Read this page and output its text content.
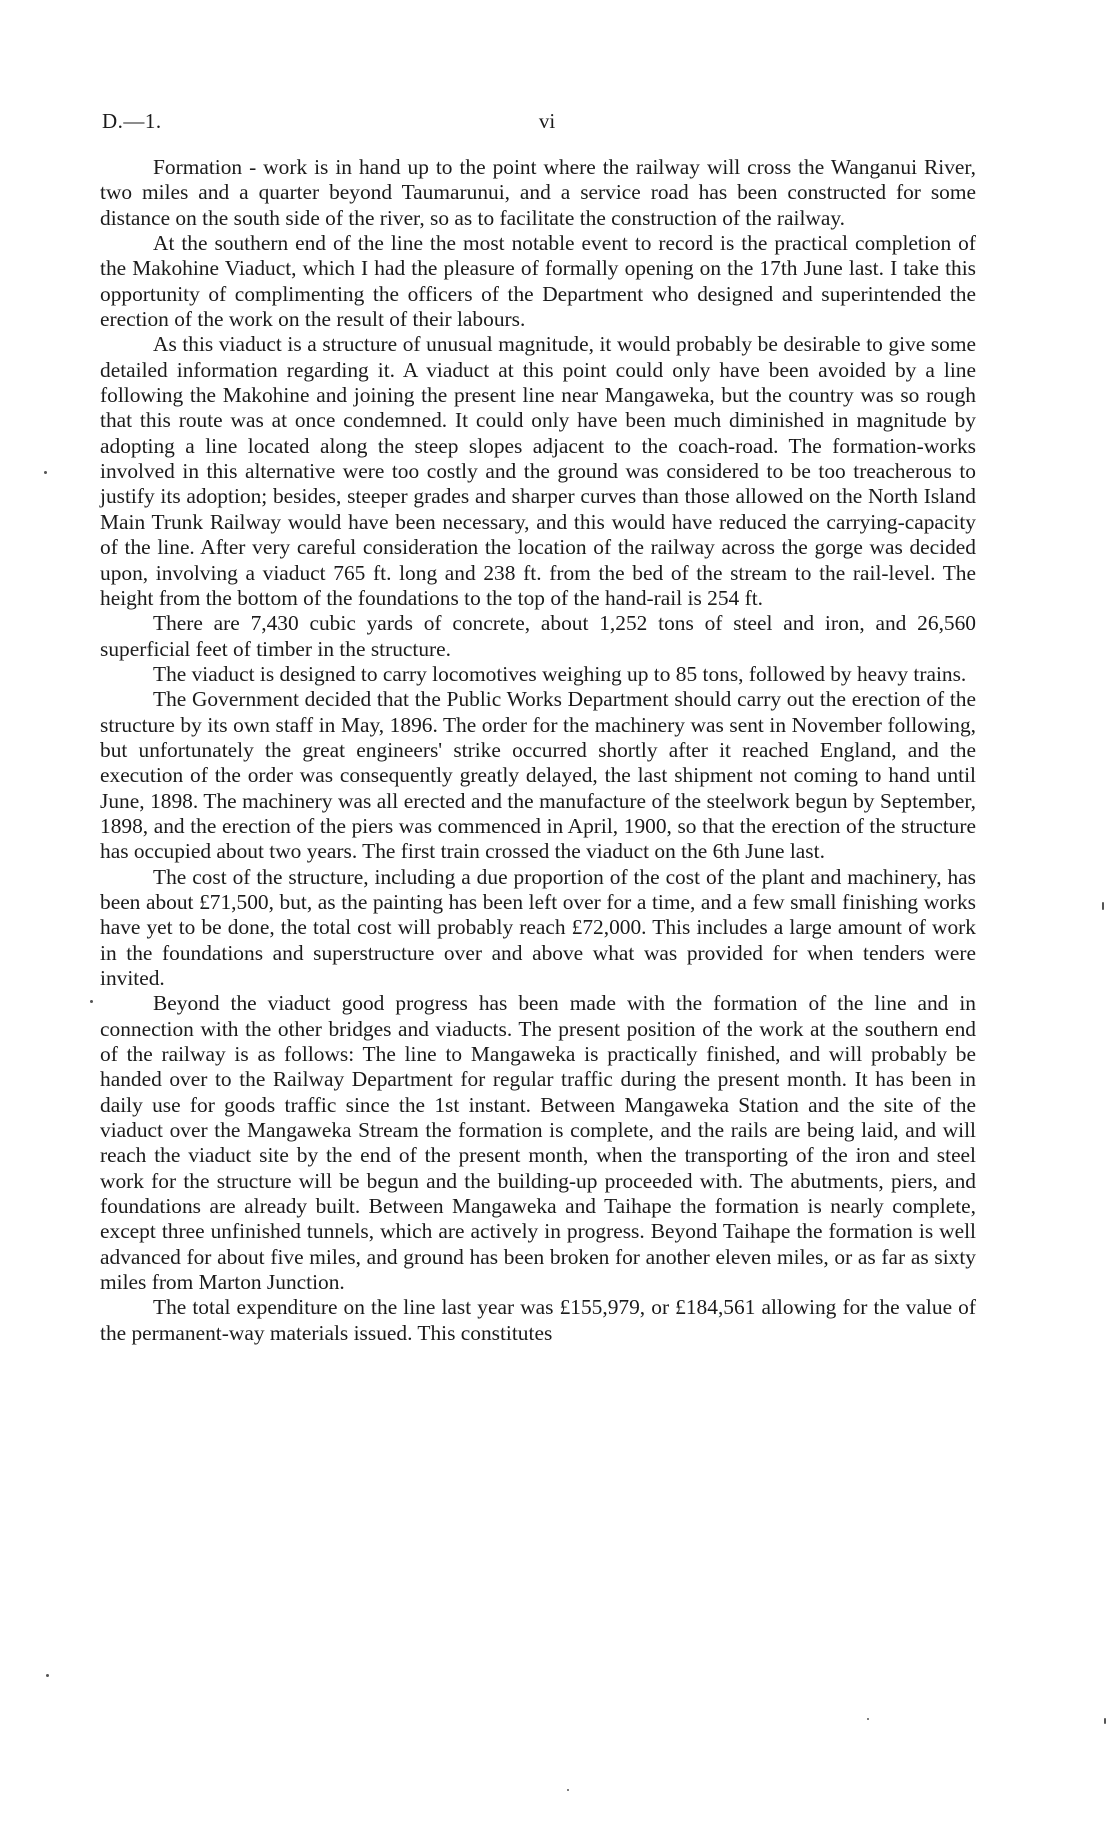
D.—1.	vi

Formation - work is in hand up to the point where the railway will cross the Wanganui River, two miles and a quarter beyond Taumarunui, and a service road has been constructed for some distance on the south side of the river, so as to facilitate the construction of the railway.

At the southern end of the line the most notable event to record is the practical completion of the Makohine Viaduct, which I had the pleasure of formally opening on the 17th June last. I take this opportunity of complimenting the officers of the Department who designed and superintended the erection of the work on the result of their labours.

As this viaduct is a structure of unusual magnitude, it would probably be desirable to give some detailed information regarding it. A viaduct at this point could only have been avoided by a line following the Makohine and joining the present line near Mangaweka, but the country was so rough that this route was at once condemned. It could only have been much diminished in magnitude by adopting a line located along the steep slopes adjacent to the coach-road. The formation-works involved in this alternative were too costly and the ground was considered to be too treacherous to justify its adoption; besides, steeper grades and sharper curves than those allowed on the North Island Main Trunk Railway would have been necessary, and this would have reduced the carrying-capacity of the line. After very careful consideration the location of the railway across the gorge was decided upon, involving a viaduct 765 ft. long and 238 ft. from the bed of the stream to the rail-level. The height from the bottom of the foundations to the top of the hand-rail is 254 ft.

There are 7,430 cubic yards of concrete, about 1,252 tons of steel and iron, and 26,560 superficial feet of timber in the structure.

The viaduct is designed to carry locomotives weighing up to 85 tons, followed by heavy trains.

The Government decided that the Public Works Department should carry out the erection of the structure by its own staff in May, 1896. The order for the machinery was sent in November following, but unfortunately the great engineers' strike occurred shortly after it reached England, and the execution of the order was consequently greatly delayed, the last shipment not coming to hand until June, 1898. The machinery was all erected and the manufacture of the steelwork begun by September, 1898, and the erection of the piers was commenced in April, 1900, so that the erection of the structure has occupied about two years. The first train crossed the viaduct on the 6th June last.

The cost of the structure, including a due proportion of the cost of the plant and machinery, has been about £71,500, but, as the painting has been left over for a time, and a few small finishing works have yet to be done, the total cost will probably reach £72,000. This includes a large amount of work in the foundations and superstructure over and above what was provided for when tenders were invited.

Beyond the viaduct good progress has been made with the formation of the line and in connection with the other bridges and viaducts. The present position of the work at the southern end of the railway is as follows: The line to Mangaweka is practically finished, and will probably be handed over to the Railway Department for regular traffic during the present month. It has been in daily use for goods traffic since the 1st instant. Between Mangaweka Station and the site of the viaduct over the Mangaweka Stream the formation is complete, and the rails are being laid, and will reach the viaduct site by the end of the present month, when the transporting of the iron and steel work for the structure will be begun and the building-up proceeded with. The abutments, piers, and foundations are already built. Between Mangaweka and Taihape the formation is nearly complete, except three unfinished tunnels, which are actively in progress. Beyond Taihape the formation is well advanced for about five miles, and ground has been broken for another eleven miles, or as far as sixty miles from Marton Junction.

The total expenditure on the line last year was £155,979, or £184,561 allowing for the value of the permanent-way materials issued. This constitutes
